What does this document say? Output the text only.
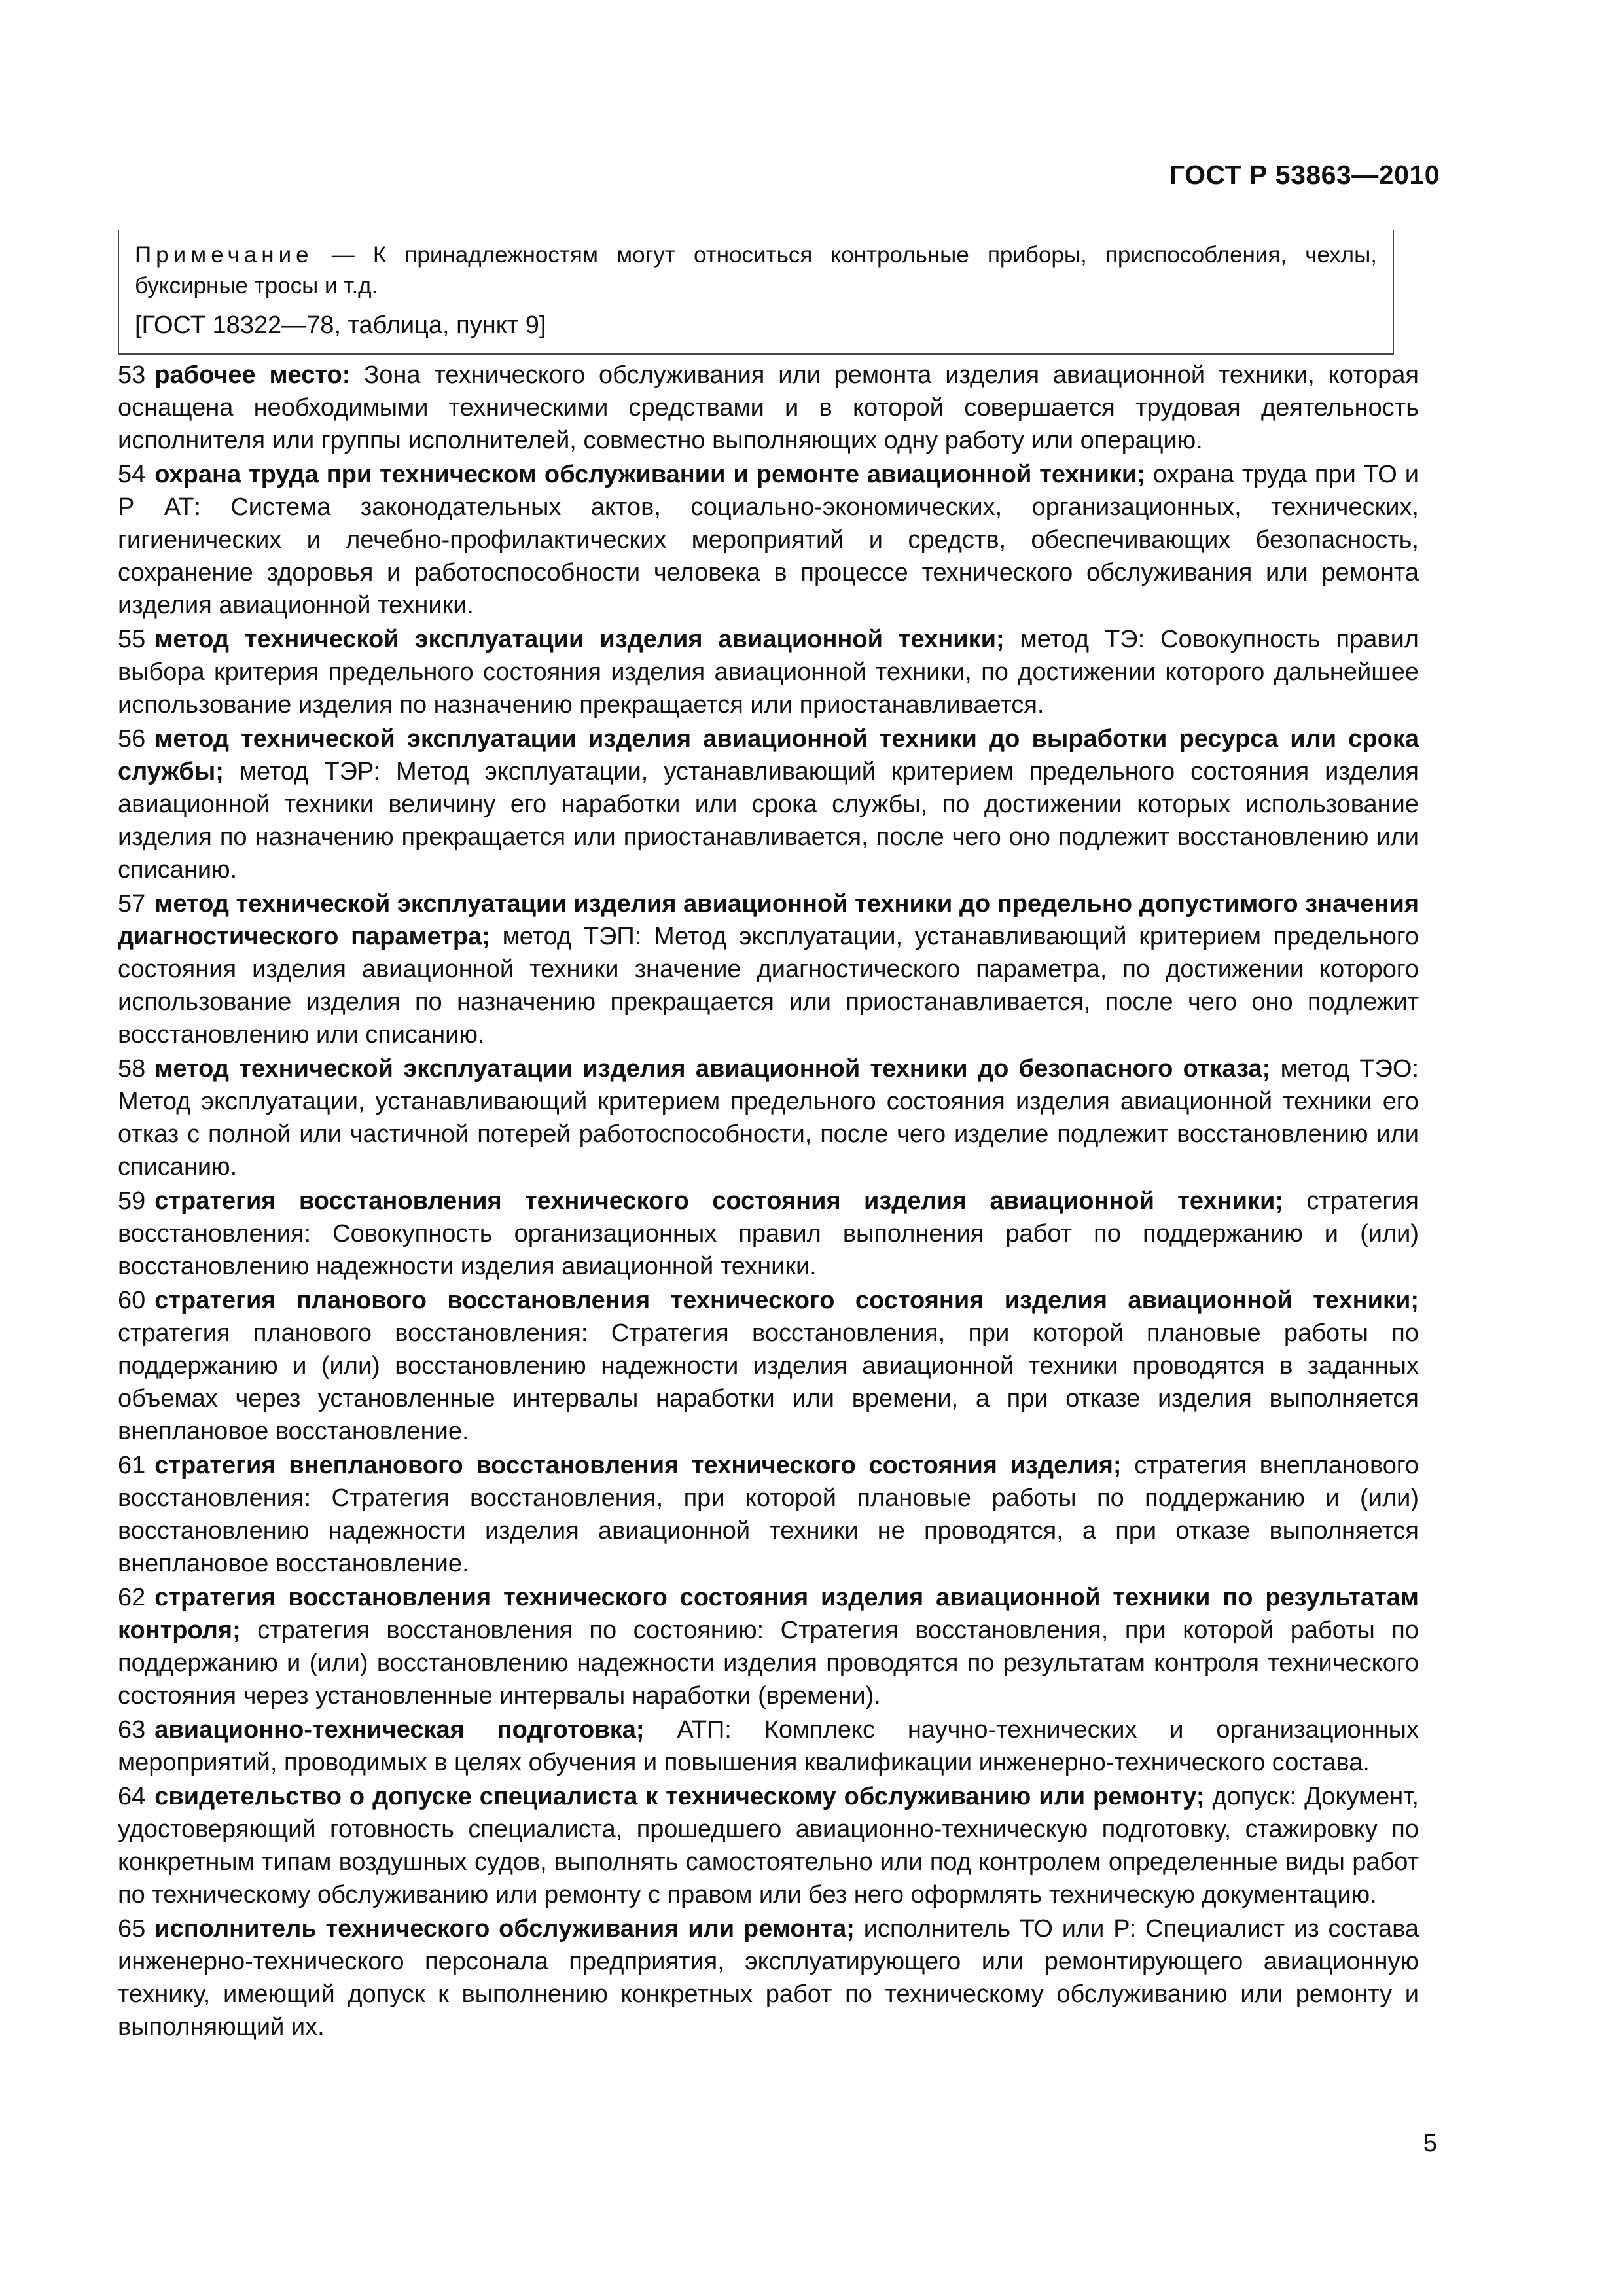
ГОСТ Р 53863—2010

Примечание — К принадлежностям могут относиться контрольные приборы, приспособления, чехлы, буксирные тросы и т.д.

[ГОСТ 18322—78, таблица, пункт 9]

53 рабочее место: Зона технического обслуживания или ремонта изделия авиационной техники, которая оснащена необходимыми техническими средствами и в которой совершается трудовая деятельность исполнителя или группы исполнителей, совместно выполняющих одну работу или операцию.

54 охрана труда при техническом обслуживании и ремонте авиационной техники; охрана труда при ТО и Р АТ: Система законодательных актов, социально-экономических, организационных, технических, гигиенических и лечебно-профилактических мероприятий и средств, обеспечивающих безопасность, сохранение здоровья и работоспособности человека в процессе технического обслуживания или ремонта изделия авиационной техники.

55 метод технической эксплуатации изделия авиационной техники; метод ТЭ: Совокупность правил выбора критерия предельного состояния изделия авиационной техники, по достижении которого дальнейшее использование изделия по назначению прекращается или приостанавливается.

56 метод технической эксплуатации изделия авиационной техники до выработки ресурса или срока службы; метод ТЭР: Метод эксплуатации, устанавливающий критерием предельного состояния изделия авиационной техники величину его наработки или срока службы, по достижении которых использование изделия по назначению прекращается или приостанавливается, после чего оно подлежит восстановлению или списанию.

57 метод технической эксплуатации изделия авиационной техники до предельно допустимого значения диагностического параметра; метод ТЭП: Метод эксплуатации, устанавливающий критерием предельного состояния изделия авиационной техники значение диагностического параметра, по достижении которого использование изделия по назначению прекращается или приостанавливается, после чего оно подлежит восстановлению или списанию.

58 метод технической эксплуатации изделия авиационной техники до безопасного отказа; метод ТЭО: Метод эксплуатации, устанавливающий критерием предельного состояния изделия авиационной техники его отказ с полной или частичной потерей работоспособности, после чего изделие подлежит восстановлению или списанию.

59 стратегия восстановления технического состояния изделия авиационной техники; стратегия восстановления: Совокупность организационных правил выполнения работ по поддержанию и (или) восстановлению надежности изделия авиационной техники.

60 стратегия планового восстановления технического состояния изделия авиационной техники; стратегия планового восстановления: Стратегия восстановления, при которой плановые работы по поддержанию и (или) восстановлению надежности изделия авиационной техники проводятся в заданных объемах через установленные интервалы наработки или времени, а при отказе изделия выполняется внеплановое восстановление.

61 стратегия внепланового восстановления технического состояния изделия; стратегия внепланового восстановления: Стратегия восстановления, при которой плановые работы по поддержанию и (или) восстановлению надежности изделия авиационной техники не проводятся, а при отказе выполняется внеплановое восстановление.

62 стратегия восстановления технического состояния изделия авиационной техники по результатам контроля; стратегия восстановления по состоянию: Стратегия восстановления, при которой работы по поддержанию и (или) восстановлению надежности изделия проводятся по результатам контроля технического состояния через установленные интервалы наработки (времени).

63 авиационно-техническая подготовка; АТП: Комплекс научно-технических и организационных мероприятий, проводимых в целях обучения и повышения квалификации инженерно-технического состава.

64 свидетельство о допуске специалиста к техническому обслуживанию или ремонту; допуск: Документ, удостоверяющий готовность специалиста, прошедшего авиационно-техническую подготовку, стажировку по конкретным типам воздушных судов, выполнять самостоятельно или под контролем определенные виды работ по техническому обслуживанию или ремонту с правом или без него оформлять техническую документацию.

65 исполнитель технического обслуживания или ремонта; исполнитель ТО или Р: Специалист из состава инженерно-технического персонала предприятия, эксплуатирующего или ремонтирующего авиационную технику, имеющий допуск к выполнению конкретных работ по техническому обслуживанию или ремонту и выполняющий их.

5
